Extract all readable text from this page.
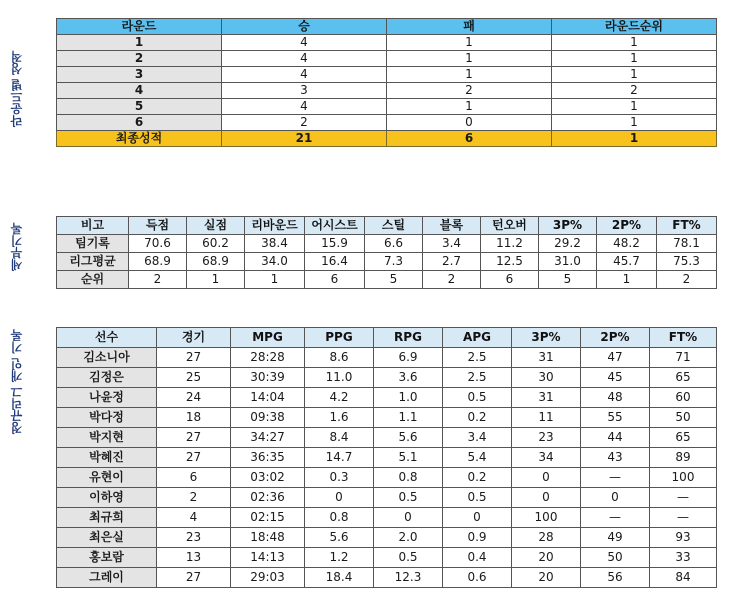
라운드별 성적
세부기록
정규리그 개인 기록
라운드	승	패	라운드순위
1	4	1	1
2	4	1	1
3	4	1	1
4	3	2	2
5	4	1	1
6	2	0	1
최종성적	21	6	1
비고	득점	실점	리바운드	어시스트	스틸	블록	턴오버	3P%	2P%	FT%
팀기록	70.6	60.2	38.4	15.9	6.6	3.4	11.2	29.2	48.2	78.1
리그평균	68.9	68.9	34.0	16.4	7.3	2.7	12.5	31.0	45.7	75.3
순위	2	1	1	6	5	2	6	5	1	2
선수	경기	MPG	PPG	RPG	APG	3P%	2P%	FT%
김소니아	27	28:28	8.6	6.9	2.5	31	47	71
김정은	25	30:39	11.0	3.6	2.5	30	45	65
나윤정	24	14:04	4.2	1.0	0.5	31	48	60
박다정	18	09:38	1.6	1.1	0.2	11	55	50
박지현	27	34:27	8.4	5.6	3.4	23	44	65
박혜진	27	36:35	14.7	5.1	5.4	34	43	89
유현이	6	03:02	0.3	0.8	0.2	0	—	100
이하영	2	02:36	0	0.5	0.5	0	0	—
최규희	4	02:15	0.8	0	0	100	—	—
최은실	23	18:48	5.6	2.0	0.9	28	49	93
홍보람	13	14:13	1.2	0.5	0.4	20	50	33
그레이	27	29:03	18.4	12.3	0.6	20	56	84
